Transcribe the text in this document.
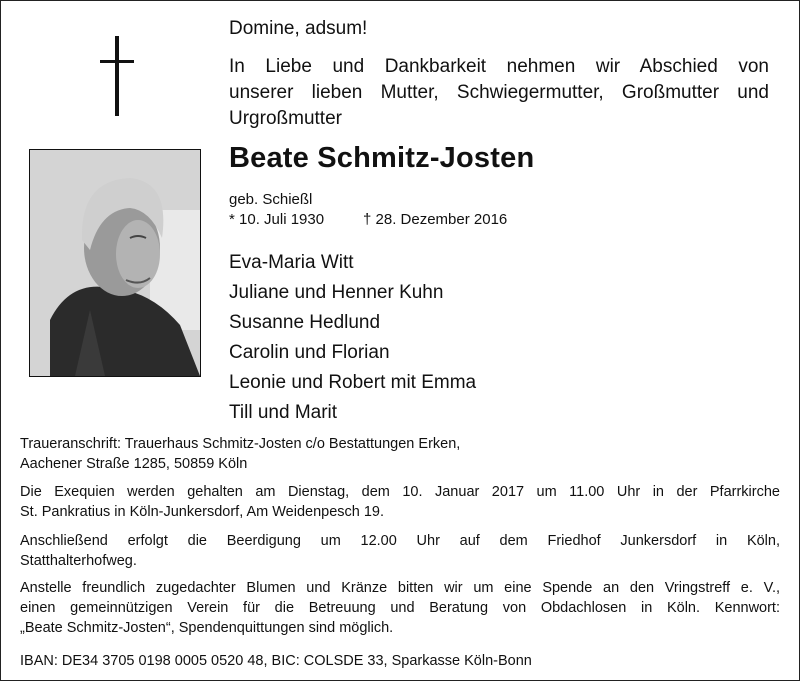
Domine, adsum!
In Liebe und Dankbarkeit nehmen wir Abschied von
unserer lieben Mutter, Schwiegermutter, Großmutter und
Urgroßmutter
Beate Schmitz-Josten
geb. Schießl
* 10. Juli 1930	† 28. Dezember 2016
Eva-Maria Witt
Juliane und Henner Kuhn
Susanne Hedlund
Carolin und Florian
Leonie und Robert mit Emma
Till und Marit
Traueranschrift: Trauerhaus Schmitz-Josten c/o Bestattungen Erken,
Aachener Straße 1285, 50859 Köln
Die Exequien werden gehalten am Dienstag, dem 10. Januar 2017 um 11.00 Uhr in der Pfarrkirche
St. Pankratius in Köln-Junkersdorf, Am Weidenpesch 19.
Anschließend erfolgt die Beerdigung um 12.00 Uhr auf dem Friedhof Junkersdorf in Köln,
Statthalterhofweg.
Anstelle freundlich zugedachter Blumen und Kränze bitten wir um eine Spende an den Vringstreff e. V.,
einen gemeinnützigen Verein für die Betreuung und Beratung von Obdachlosen in Köln. Kennwort:
„Beate Schmitz-Josten“, Spendenquittungen sind möglich.
IBAN: DE34 3705 0198 0005 0520 48, BIC: COLSDE 33, Sparkasse Köln-Bonn
